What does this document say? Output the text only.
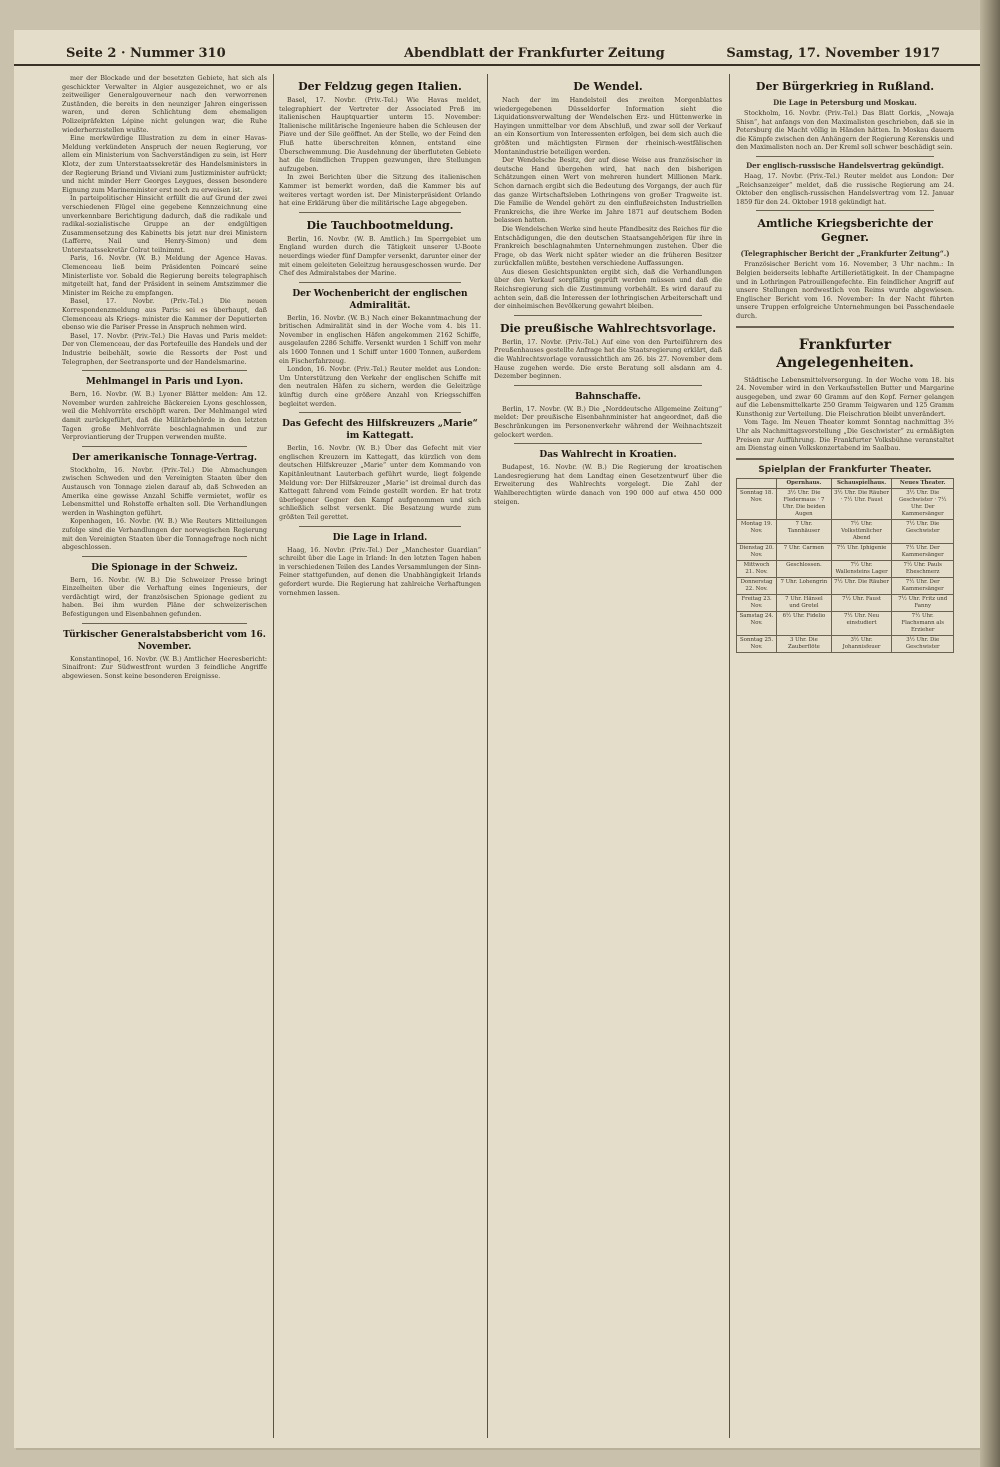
Seite 2 · Nummer 310	Abendblatt der Frankfurter Zeitung	Samstag, 17. November 1917

mer der Blockade und der besetzten Gebiete, hat sich als geschickter Verwalter in Algier ausgezeichnet, wo er als zeitweiliger Generalgouverneur nach den verworrenen Zuständen, die bereits in den neunziger Jahren eingerissen waren, und deren Schlichtung dem ehemaligen Polizeipräfekten Lépine nicht gelungen war, die Ruhe wiederherzustellen wußte.

Eine merkwürdige Illustration zu dem in einer Havas-Meldung verkündeten Anspruch der neuen Regierung, vor allem ein Ministerium von Sachverständigen zu sein, ist Herr Klotz, der zum Unterstaatssekretär des Handelsministers in der Regierung Briand und Viviani zum Justizminister aufrückt; und nicht minder Herr Georges Leygues, dessen besondere Eignung zum Marineminister erst noch zu erweisen ist.

In parteipolitischer Hinsicht erfüllt die auf Grund der zwei verschiedenen Flügel eine gegebene Kennzeichnung eine unverkennbare Berichtigung dadurch, daß die radikale und radikal-sozialistische Gruppe an der endgültigen Zusammensetzung des Kabinetts bis jetzt nur drei Ministern (Lafferre, Nail und Henry-Simon) und dem Unterstaatssekretär Colrat teilnimmt.

Paris, 16. Novbr. (W. B.) Meldung der Agence Havas. Clemenceau ließ beim Präsidenten Poincaré seine Ministerliste vor. Sobald die Regierung bereits telegraphisch mitgeteilt hat, fand der Präsident in seinem Amtszimmer die Minister im Reiche zu empfangen.

Basel, 17. Novbr. (Priv.-Tel.) Die neuen Korrespondenzmeldung aus Paris: sei es überhaupt, daß Clemenceau als Kriegs- minister die Kammer der Deputierten ebenso wie die Pariser Presse in Anspruch nehmen wird.

Basel, 17. Novbr. (Priv.-Tel.) Die Havas und Paris meldet: Der von Clemenceau, der das Portefeuille des Handels und der Industrie beibehält, sowie die Ressorts der Post und Telegraphen, der Seetransporte und der Handelsmarine.

Mehlmangel in Paris und Lyon.

Bern, 16. Novbr. (W. B.) Lyoner Blätter melden: Am 12. November wurden zahlreiche Bäckereien Lyons geschlossen, weil die Mehlvorräte erschöpft waren. Der Mehlmangel wird damit zurückgeführt, daß die Militärbehörde in den letzten Tagen große Mehlvorräte beschlagnahmen und zur Verproviantierung der Truppen verwenden mußte.

Der amerikanische Tonnage-Vertrag.

Stockholm, 16. Novbr. (Priv.-Tel.) Die Abmachungen zwischen Schweden und den Vereinigten Staaten über den Austausch von Tonnage zielen darauf ab, daß Schweden an Amerika eine gewisse Anzahl Schiffe vermietet, wofür es Lebensmittel und Rohstoffe erhalten soll. Die Verhandlungen werden in Washington geführt.

Kopenhagen, 16. Novbr. (W. B.) Wie Reuters Mitteilungen zufolge sind die Verhandlungen der norwegischen Regierung mit den Vereinigten Staaten über die Tonnagefrage noch nicht abgeschlossen.

Die Spionage in der Schweiz.

Bern, 16. Novbr. (W. B.) Die Schweizer Presse bringt Einzelheiten über die Verhaftung eines Ingenieurs, der verdächtigt wird, der französischen Spionage gedient zu haben. Bei ihm wurden Pläne der schweizerischen Befestigungen und Eisenbahnen gefunden.

Türkischer Generalstabsbericht vom 16. November.

Konstantinopel, 16. Novbr. (W. B.) Amtlicher Heeresbericht: Sinaifront: Zur Südwestfront wurden 3 feindliche Angriffe abgewiesen. Sonst keine besonderen Ereignisse.

Der Feldzug gegen Italien.

Basel, 17. Novbr. (Priv.-Tel.) Wie Havas meldet, telegraphiert der Vertreter der Associated Preß im italienischen Hauptquartier unterm 15. November: Italienische militärische Ingenieure haben die Schleusen der Piave und der Sile geöffnet. An der Stelle, wo der Feind den Fluß hatte überschreiten können, entstand eine Überschwemmung. Die Ausdehnung der überfluteten Gebiete hat die feindlichen Truppen gezwungen, ihre Stellungen aufzugeben.

In zwei Berichten über die Sitzung des italienischen Kammer ist bemerkt worden, daß die Kammer bis auf weiteres vertagt worden ist. Der Ministerpräsident Orlando hat eine Erklärung über die militärische Lage abgegeben.

Die Tauchbootmeldung.

Berlin, 16. Novbr. (W. B. Amtlich.) Im Sperrgebiet um England wurden durch die Tätigkeit unserer U-Boote neuerdings wieder fünf Dampfer versenkt, darunter einer der mit einem geleiteten Geleitzug herausgeschossen wurde. Der Chef des Admiralstabes der Marine.

Der Wochenbericht der englischen Admiralität.

Berlin, 16. Novbr. (W. B.) Nach einer Bekanntmachung der britischen Admiralität sind in der Woche vom 4. bis 11. November in englischen Häfen angekommen 2162 Schiffe, ausgelaufen 2286 Schiffe. Versenkt wurden 1 Schiff von mehr als 1600 Tonnen und 1 Schiff unter 1600 Tonnen, außerdem ein Fischerfahrzeug.

London, 16. Novbr. (Priv.-Tel.) Reuter meldet aus London: Um Unterstützung den Verkehr der englischen Schiffe mit den neutralen Häfen zu sichern, werden die Geleitzüge künftig durch eine größere Anzahl von Kriegsschiffen begleitet werden.

Das Gefecht des Hilfskreuzers „Marie“ im Kattegatt.

Berlin, 16. Novbr. (W. B.) Über das Gefecht mit vier englischen Kreuzern im Kattegatt, das kürzlich von dem deutschen Hilfskreuzer „Marie“ unter dem Kommando von Kapitänleutnant Lauterbach geführt wurde, liegt folgende Meldung vor: Der Hilfskreuzer „Marie“ ist dreimal durch das Kattegatt fahrend vom Feinde gestellt worden. Er hat trotz überlegener Gegner den Kampf aufgenommen und sich schließlich selbst versenkt. Die Besatzung wurde zum größten Teil gerettet.

Die Lage in Irland.

Haag, 16. Novbr. (Priv.-Tel.) Der „Manchester Guardian“ schreibt über die Lage in Irland: In den letzten Tagen haben in verschiedenen Teilen des Landes Versammlungen der Sinn-Feiner stattgefunden, auf denen die Unabhängigkeit Irlands gefordert wurde. Die Regierung hat zahlreiche Verhaftungen vornehmen lassen.

De Wendel.

Nach der im Handelsteil des zweiten Morgenblattes wiedergegebenen Düsseldorfer Information sieht die Liquidationsverwaltung der Wendelschen Erz- und Hüttenwerke in Hayingen unmittelbar vor dem Abschluß, und zwar soll der Verkauf an ein Konsortium von Interessenten erfolgen, bei dem sich auch die größten und mächtigsten Firmen der rheinisch-westfälischen Montanindustrie beteiligen werden.

Der Wendelsche Besitz, der auf diese Weise aus französischer in deutsche Hand übergehen wird, hat nach den bisherigen Schätzungen einen Wert von mehreren hundert Millionen Mark. Schon darnach ergibt sich die Bedeutung des Vorgangs, der auch für das ganze Wirtschaftsleben Lothringens von großer Tragweite ist. Die Familie de Wendel gehört zu den einflußreichsten Industriellen Frankreichs, die ihre Werke im Jahre 1871 auf deutschem Boden belassen hatten.

Die Wendelschen Werke sind heute Pfandbesitz des Reiches für die Entschädigungen, die den deutschen Staatsangehörigen für ihre in Frankreich beschlagnahmten Unternehmungen zustehen. Über die Frage, ob das Werk nicht später wieder an die früheren Besitzer zurückfallen müßte, bestehen verschiedene Auffassungen.

Aus diesen Gesichtspunkten ergibt sich, daß die Verhandlungen über den Verkauf sorgfältig geprüft werden müssen und daß die Reichsregierung sich die Zustimmung vorbehält. Es wird darauf zu achten sein, daß die Interessen der lothringischen Arbeiterschaft und der einheimischen Bevölkerung gewahrt bleiben.

Die preußische Wahlrechtsvorlage.

Berlin, 17. Novbr. (Priv.-Tel.) Auf eine von den Parteiführern des Preußenhauses gestellte Anfrage hat die Staatsregierung erklärt, daß die Wahlrechtsvorlage voraussichtlich am 26. bis 27. November dem Hause zugehen werde. Die erste Beratung soll alsdann am 4. Dezember beginnen.

Bahnschaffe.

Berlin, 17. Novbr. (W. B.) Die „Norddeutsche Allgemeine Zeitung“ meldet: Der preußische Eisenbahnminister hat angeordnet, daß die Beschränkungen im Personenverkehr während der Weihnachtszeit gelockert werden.

Das Wahlrecht in Kroatien.

Budapest, 16. Novbr. (W. B.) Die Regierung der kroatischen Landesregierung hat dem Landtag einen Gesetzentwurf über die Erweiterung des Wahlrechts vorgelegt. Die Zahl der Wahlberechtigten würde danach von 190 000 auf etwa 450 000 steigen.

Der Bürgerkrieg in Rußland.
Die Lage in Petersburg und Moskau.

Stockholm, 16. Novbr. (Priv.-Tel.) Das Blatt Gorkis, „Nowaja Shisn“, hat anfangs von den Maximalisten geschrieben, daß sie in Petersburg die Macht völlig in Händen hätten. In Moskau dauern die Kämpfe zwischen den Anhängern der Regierung Kerenskis und den Maximalisten noch an. Der Kreml soll schwer beschädigt sein.

Der englisch-russische Handelsvertrag gekündigt.

Haag, 17. Novbr. (Priv.-Tel.) Reuter meldet aus London: Der „Reichsanzeiger“ meldet, daß die russische Regierung am 24. Oktober den englisch-russischen Handelsvertrag vom 12. Januar 1859 für den 24. Oktober 1918 gekündigt hat.

Amtliche Kriegsberichte der Gegner.
(Telegraphischer Bericht der „Frankfurter Zeitung“.)

Französischer Bericht vom 16. November, 3 Uhr nachm.: In Belgien beiderseits lebhafte Artillerietätigkeit. In der Champagne und in Lothringen Patrouillengefechte. Ein feindlicher Angriff auf unsere Stellungen nordwestlich von Reims wurde abgewiesen. Englischer Bericht vom 16. November: In der Nacht führten unsere Truppen erfolgreiche Unternehmungen bei Passchendaele durch.

Frankfurter Angelegenheiten.

Städtische Lebensmittelversorgung. In der Woche vom 18. bis 24. November wird in den Verkaufsstellen Butter und Margarine ausgegeben, und zwar 60 Gramm auf den Kopf. Ferner gelangen auf die Lebensmittelkarte 250 Gramm Teigwaren und 125 Gramm Kunsthonig zur Verteilung. Die Fleischration bleibt unverändert.

Vom Tage. Im Neuen Theater kommt Sonntag nachmittag 3½ Uhr als Nachmittagsvorstellung „Die Geschwister“ zu ermäßigten Preisen zur Aufführung. Die Frankfurter Volksbühne veranstaltet am Dienstag einen Volkskonzertabend im Saalbau.

Spielplan der Frankfurter Theater.
	Opernhaus.	Schauspielhaus.	Neues Theater.
Sonntag 18. Nov.	3½ Uhr. Die Fledermaus · 7 Uhr. Die beiden Augen	3½ Uhr. Die Räuber · 7½ Uhr. Faust	3½ Uhr. Die Geschwister · 7½ Uhr. Der Kammersänger
Montag 19. Nov.	7 Uhr. Tannhäuser	7½ Uhr. Volkstümlicher Abend	7½ Uhr. Die Geschwister
Dienstag 20. Nov.	7 Uhr. Carmen	7½ Uhr. Iphigenie	7½ Uhr. Der Kammersänger
Mittwoch 21. Nov.	Geschlossen.	7½ Uhr. Wallensteins Lager	7½ Uhr. Pauls Eheschmerz
Donnerstag 22. Nov.	7 Uhr. Lohengrin	7½ Uhr. Die Räuber	7½ Uhr. Der Kammersänger
Freitag 23. Nov.	7 Uhr. Hänsel und Gretel	7½ Uhr. Faust	7½ Uhr. Fritz und Fanny
Samstag 24. Nov.	6½ Uhr. Fidelio	7½ Uhr. Neu einstudiert	7½ Uhr. Flachsmann als Erzieher
Sonntag 25. Nov.	3 Uhr. Die Zauberflöte	3½ Uhr. Johannisfeuer	3½ Uhr. Die Geschwister
